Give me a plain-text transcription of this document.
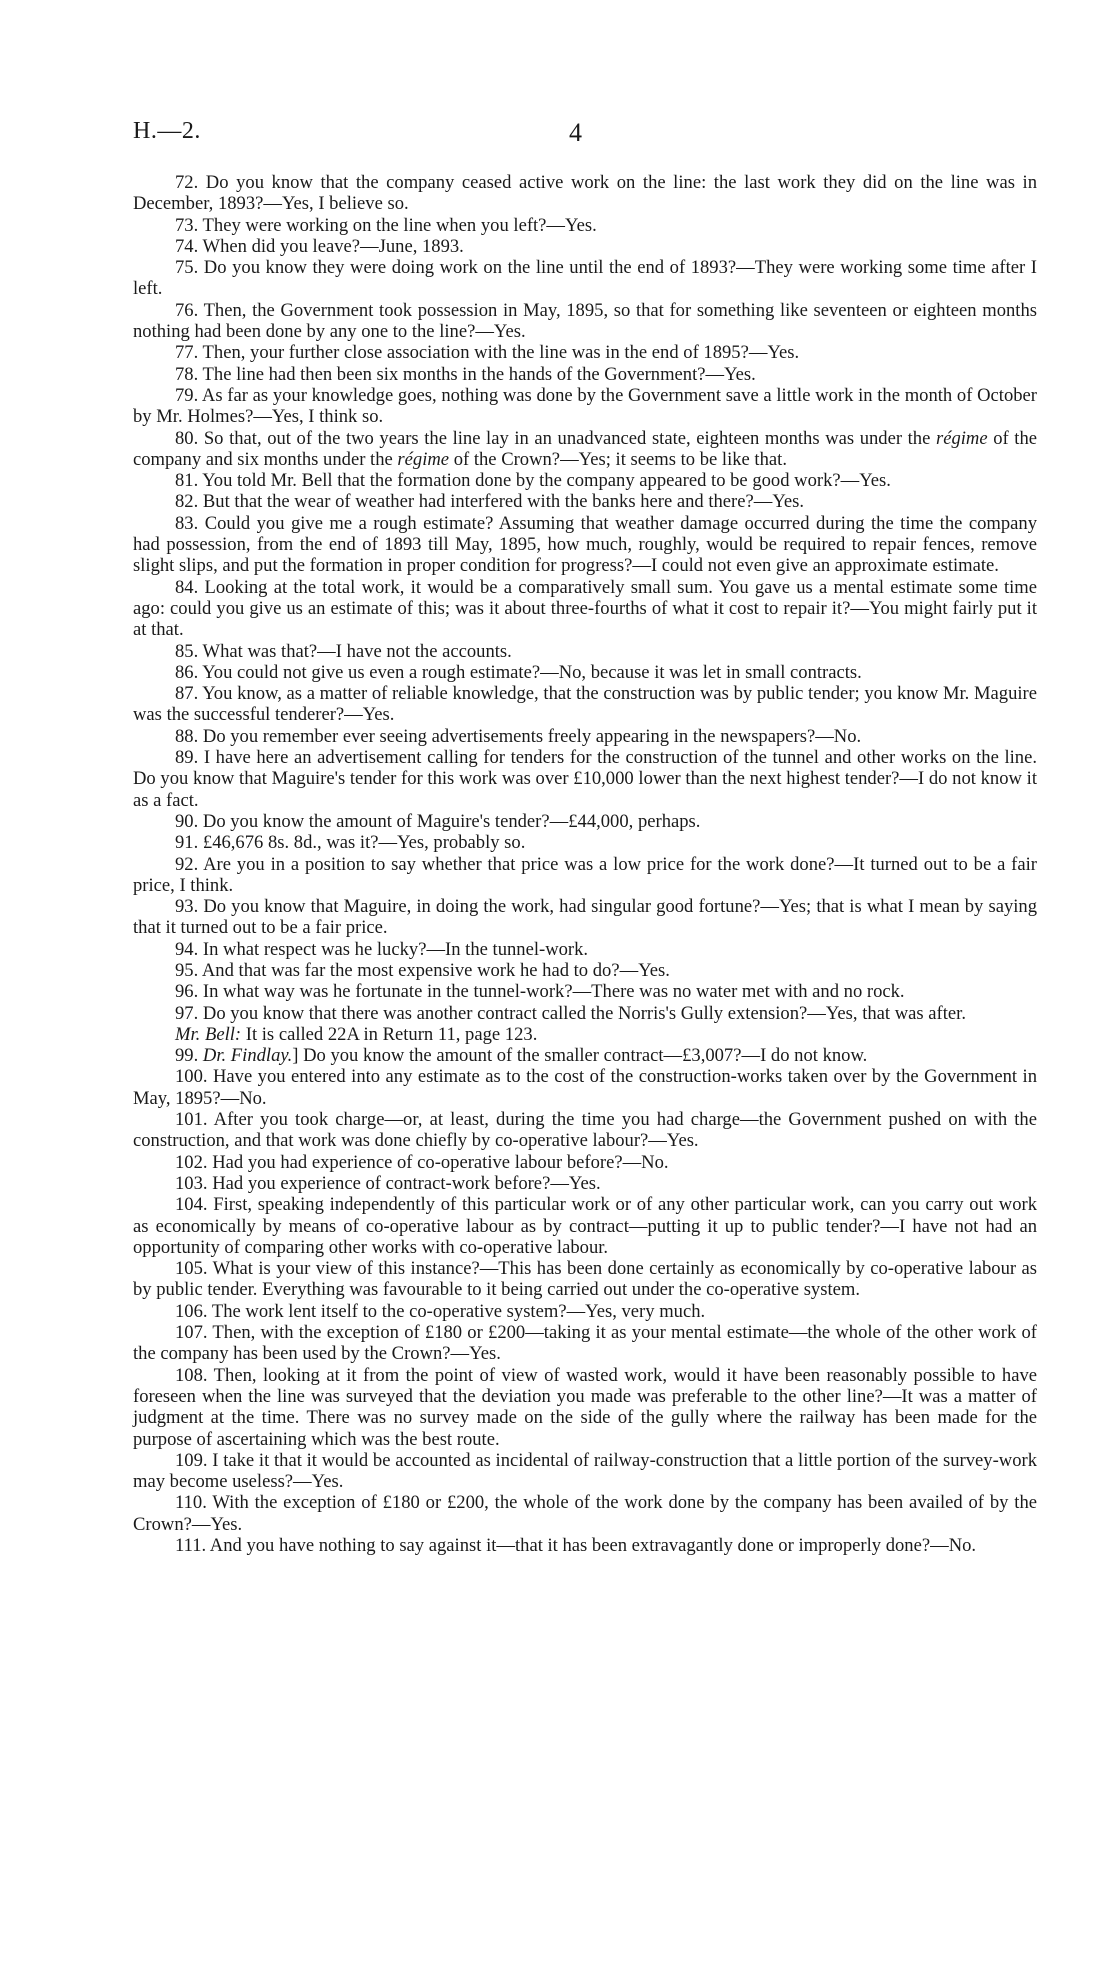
H.—2.	4

72. Do you know that the company ceased active work on the line: the last work they did on the line was in December, 1893?—Yes, I believe so.

73. They were working on the line when you left?—Yes.

74. When did you leave?—June, 1893.

75. Do you know they were doing work on the line until the end of 1893?—They were working some time after I left.

76. Then, the Government took possession in May, 1895, so that for something like seventeen or eighteen months nothing had been done by any one to the line?—Yes.

77. Then, your further close association with the line was in the end of 1895?—Yes.

78. The line had then been six months in the hands of the Government?—Yes.

79. As far as your knowledge goes, nothing was done by the Government save a little work in the month of October by Mr. Holmes?—Yes, I think so.

80. So that, out of the two years the line lay in an unadvanced state, eighteen months was under the régime of the company and six months under the régime of the Crown?—Yes; it seems to be like that.

81. You told Mr. Bell that the formation done by the company appeared to be good work?—Yes.

82. But that the wear of weather had interfered with the banks here and there?—Yes.

83. Could you give me a rough estimate? Assuming that weather damage occurred during the time the company had possession, from the end of 1893 till May, 1895, how much, roughly, would be required to repair fences, remove slight slips, and put the formation in proper condition for progress?—I could not even give an approximate estimate.

84. Looking at the total work, it would be a comparatively small sum. You gave us a mental estimate some time ago: could you give us an estimate of this; was it about three-fourths of what it cost to repair it?—You might fairly put it at that.

85. What was that?—I have not the accounts.

86. You could not give us even a rough estimate?—No, because it was let in small contracts.

87. You know, as a matter of reliable knowledge, that the construction was by public tender; you know Mr. Maguire was the successful tenderer?—Yes.

88. Do you remember ever seeing advertisements freely appearing in the newspapers?—No.

89. I have here an advertisement calling for tenders for the construction of the tunnel and other works on the line. Do you know that Maguire's tender for this work was over £10,000 lower than the next highest tender?—I do not know it as a fact.

90. Do you know the amount of Maguire's tender?—£44,000, perhaps.

91. £46,676 8s. 8d., was it?—Yes, probably so.

92. Are you in a position to say whether that price was a low price for the work done?—It turned out to be a fair price, I think.

93. Do you know that Maguire, in doing the work, had singular good fortune?—Yes; that is what I mean by saying that it turned out to be a fair price.

94. In what respect was he lucky?—In the tunnel-work.

95. And that was far the most expensive work he had to do?—Yes.

96. In what way was he fortunate in the tunnel-work?—There was no water met with and no rock.

97. Do you know that there was another contract called the Norris's Gully extension?—Yes, that was after.

Mr. Bell: It is called 22A in Return 11, page 123.

99. Dr. Findlay.] Do you know the amount of the smaller contract—£3,007?—I do not know.

100. Have you entered into any estimate as to the cost of the construction-works taken over by the Government in May, 1895?—No.

101. After you took charge—or, at least, during the time you had charge—the Government pushed on with the construction, and that work was done chiefly by co-operative labour?—Yes.

102. Had you had experience of co-operative labour before?—No.

103. Had you experience of contract-work before?—Yes.

104. First, speaking independently of this particular work or of any other particular work, can you carry out work as economically by means of co-operative labour as by contract—putting it up to public tender?—I have not had an opportunity of comparing other works with co-operative labour.

105. What is your view of this instance?—This has been done certainly as economically by co-operative labour as by public tender. Everything was favourable to it being carried out under the co-operative system.

106. The work lent itself to the co-operative system?—Yes, very much.

107. Then, with the exception of £180 or £200—taking it as your mental estimate—the whole of the other work of the company has been used by the Crown?—Yes.

108. Then, looking at it from the point of view of wasted work, would it have been reasonably possible to have foreseen when the line was surveyed that the deviation you made was preferable to the other line?—It was a matter of judgment at the time. There was no survey made on the side of the gully where the railway has been made for the purpose of ascertaining which was the best route.

109. I take it that it would be accounted as incidental of railway-construction that a little portion of the survey-work may become useless?—Yes.

110. With the exception of £180 or £200, the whole of the work done by the company has been availed of by the Crown?—Yes.

111. And you have nothing to say against it—that it has been extravagantly done or improperly done?—No.
